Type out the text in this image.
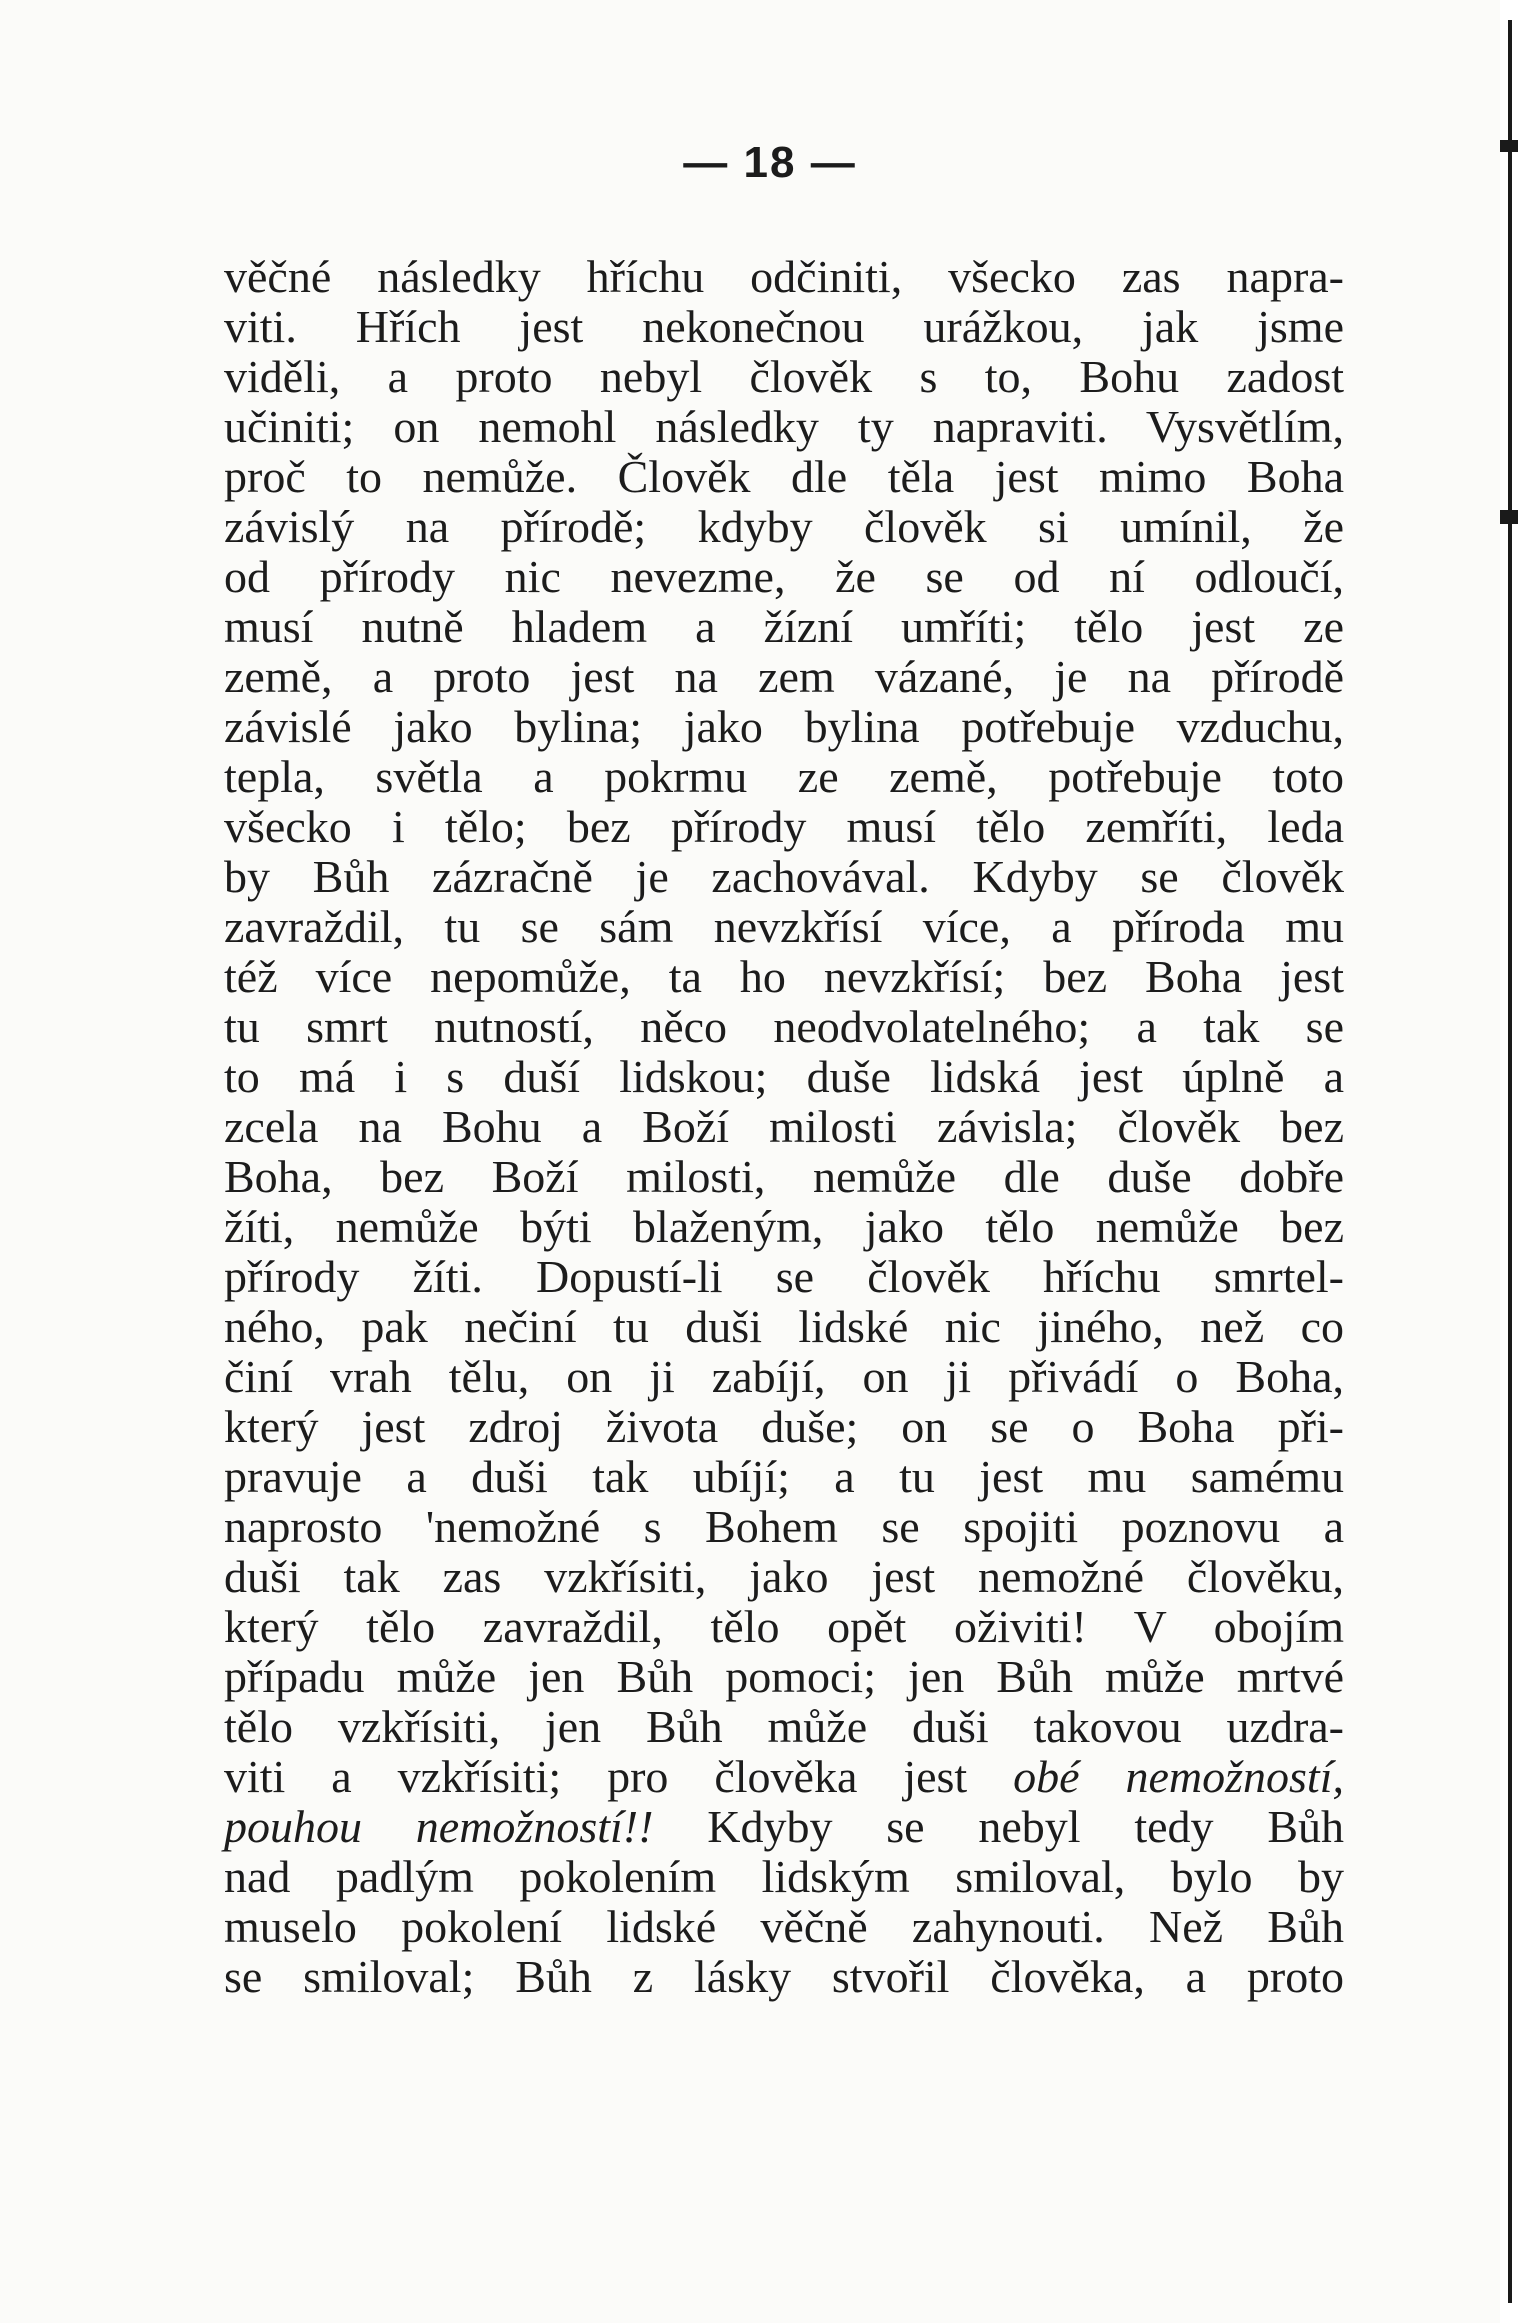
— 18 —
věčné následky hříchu odčiniti, všecko zas napra-
viti. Hřích jest nekonečnou urážkou, jak jsme
viděli, a proto nebyl člověk s to, Bohu zadost
učiniti; on nemohl následky ty napraviti. Vysvětlím,
proč to nemůže. Člověk dle těla jest mimo Boha
závislý na přírodě; kdyby člověk si umínil, že
od přírody nic nevezme, že se od ní odloučí,
musí nutně hladem a žízní umříti; tělo jest ze
země, a proto jest na zem vázané, je na přírodě
závislé jako bylina; jako bylina potřebuje vzduchu,
tepla, světla a pokrmu ze země, potřebuje toto
všecko i tělo; bez přírody musí tělo zemříti, leda
by Bůh zázračně je zachovával. Kdyby se člověk
zavraždil, tu se sám nevzkřísí více, a příroda mu
též více nepomůže, ta ho nevzkřísí; bez Boha jest
tu smrt nutností, něco neodvolatelného; a tak se
to má i s duší lidskou; duše lidská jest úplně a
zcela na Bohu a Boží milosti závisla; člověk bez
Boha, bez Boží milosti, nemůže dle duše dobře
žíti, nemůže býti blaženým, jako tělo nemůže bez
přírody žíti. Dopustí-li se člověk hříchu smrtel-
ného, pak nečiní tu duši lidské nic jiného, než co
činí vrah tělu, on ji zabíjí, on ji přivádí o Boha,
který jest zdroj života duše; on se o Boha při-
pravuje a duši tak ubíjí; a tu jest mu samému
naprosto 'nemožné s Bohem se spojiti poznovu a
duši tak zas vzkřísiti, jako jest nemožné člověku,
který tělo zavraždil, tělo opět oživiti! V obojím
případu může jen Bůh pomoci; jen Bůh může mrtvé
tělo vzkřísiti, jen Bůh může duši takovou uzdra-
viti a vzkřísiti; pro člověka jest obé nemožností,
pouhou nemožností!! Kdyby se nebyl tedy Bůh
nad padlým pokolením lidským smiloval, bylo by
muselo pokolení lidské věčně zahynouti. Než Bůh
se smiloval; Bůh z lásky stvořil člověka, a proto
